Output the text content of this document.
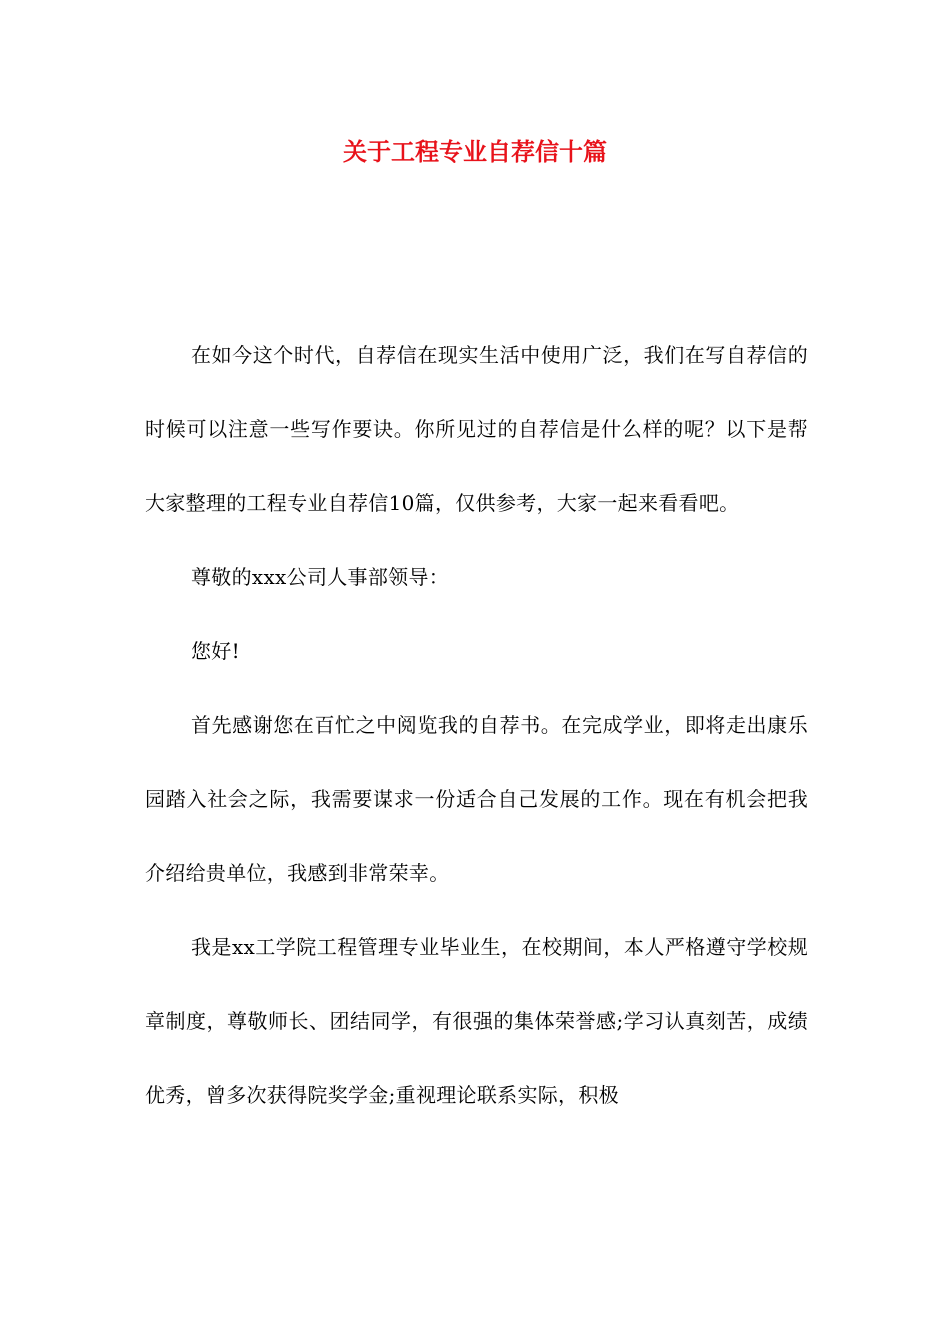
关于工程专业自荐信十篇

在如今这个时代，自荐信在现实生活中使用广泛，我们在写自荐信的时候可以注意一些写作要诀。你所见过的自荐信是什么样的呢？以下是帮大家整理的工程专业自荐信10篇，仅供参考，大家一起来看看吧。

尊敬的xxx公司人事部领导：

您好!

首先感谢您在百忙之中阅览我的自荐书。在完成学业，即将走出康乐园踏入社会之际，我需要谋求一份适合自己发展的工作。现在有机会把我介绍给贵单位，我感到非常荣幸。

我是xx工学院工程管理专业毕业生，在校期间，本人严格遵守学校规章制度，尊敬师长、团结同学，有很强的集体荣誉感;学习认真刻苦，成绩优秀，曾多次获得院奖学金;重视理论联系实际，积极
